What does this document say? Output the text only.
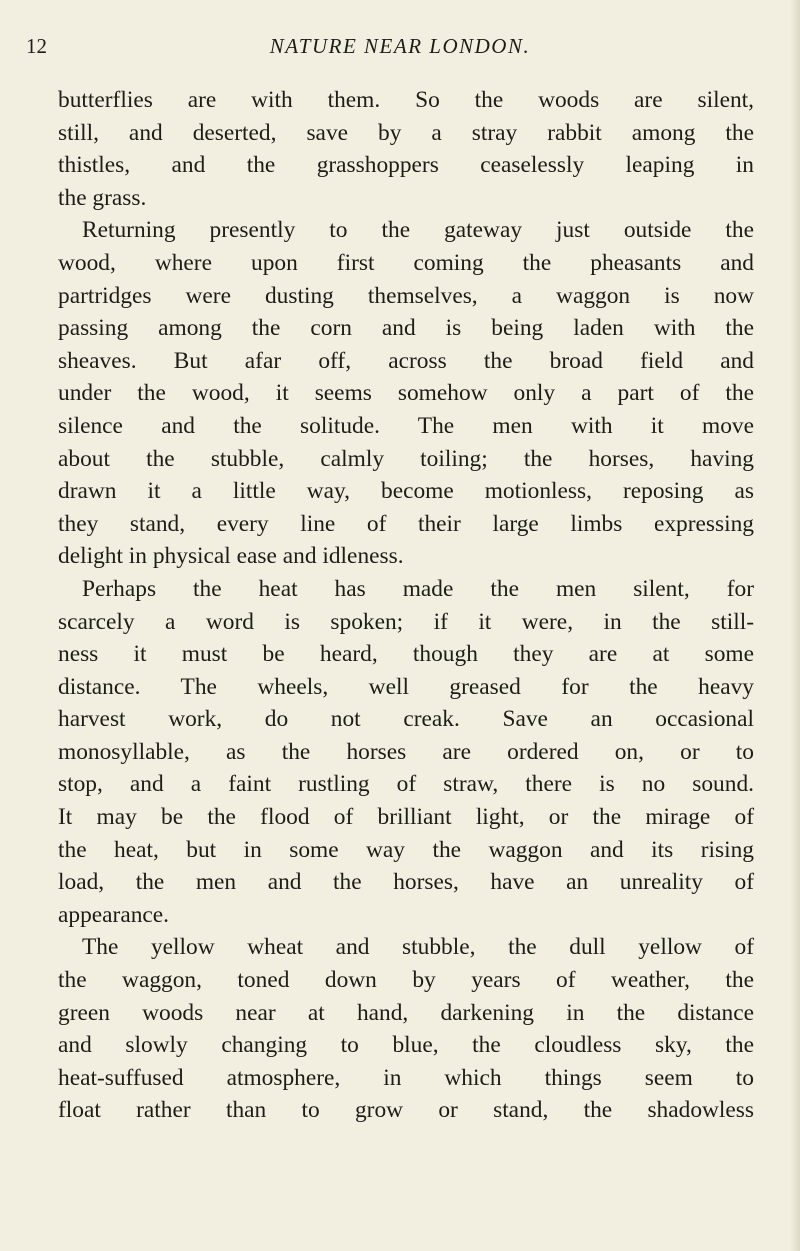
12	NATURE NEAR LONDON.
butterflies are with them. So the woods are silent,
still, and deserted, save by a stray rabbit among the
thistles, and the grasshoppers ceaselessly leaping in
the grass.
Returning presently to the gateway just outside the
wood, where upon first coming the pheasants and
partridges were dusting themselves, a waggon is now
passing among the corn and is being laden with the
sheaves. But afar off, across the broad field and
under the wood, it seems somehow only a part of the
silence and the solitude. The men with it move
about the stubble, calmly toiling; the horses, having
drawn it a little way, become motionless, reposing as
they stand, every line of their large limbs expressing
delight in physical ease and idleness.
Perhaps the heat has made the men silent, for
scarcely a word is spoken; if it were, in the still-
ness it must be heard, though they are at some
distance. The wheels, well greased for the heavy
harvest work, do not creak. Save an occasional
monosyllable, as the horses are ordered on, or to
stop, and a faint rustling of straw, there is no sound.
It may be the flood of brilliant light, or the mirage of
the heat, but in some way the waggon and its rising
load, the men and the horses, have an unreality of
appearance.
The yellow wheat and stubble, the dull yellow of
the waggon, toned down by years of weather, the
green woods near at hand, darkening in the distance
and slowly changing to blue, the cloudless sky, the
heat-suffused atmosphere, in which things seem to
float rather than to grow or stand, the shadowless
